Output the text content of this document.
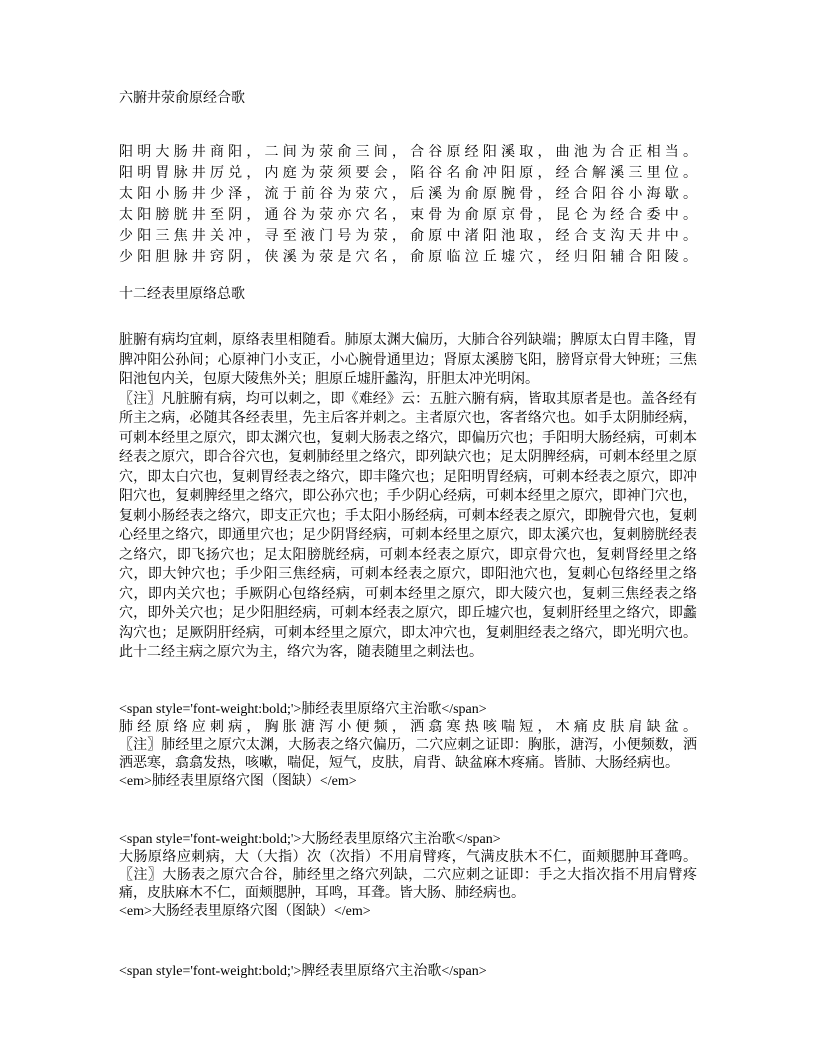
六腑井荥俞原经合歌
阳明大肠井商阳，二间为荥俞三间，合谷原经阳溪取，曲池为合正相当。
阳明胃脉井厉兑，内庭为荥须要会，陷谷名俞冲阳原，经合解溪三里位。
太阳小肠井少泽，流于前谷为荥穴，后溪为俞原腕骨，经合阳谷小海歇。
太阳膀胱井至阴，通谷为荥亦穴名，束骨为俞原京骨，昆仑为经合委中。
少阳三焦井关冲，寻至液门号为荥，俞原中渚阳池取，经合支沟天井中。
少阳胆脉井窍阴，侠溪为荥是穴名，俞原临泣丘墟穴，经归阳辅合阳陵。
十二经表里原络总歌

脏腑有病均宜刺，原络表里相随看。肺原太渊大偏历，大肺合谷列缺端；脾原太白胃丰隆，胃脾冲阳公孙间；心原神门小支正，小心腕骨通里边；肾原太溪膀飞阳，膀肾京骨大钟班；三焦阳池包内关，包原大陵焦外关；胆原丘墟肝蠡沟，肝胆太冲光明闲。

〖注〗凡脏腑有病，均可以刺之，即《难经》云：五脏六腑有病，皆取其原者是也。盖各经有所主之病，必随其各经表里，先主后客并刺之。主者原穴也，客者络穴也。如手太阴肺经病，可刺本经里之原穴，即太渊穴也，复刺大肠表之络穴，即偏历穴也；手阳明大肠经病，可刺本经表之原穴，即合谷穴也，复刺肺经里之络穴，即列缺穴也；足太阴脾经病，可刺本经里之原穴，即太白穴也，复刺胃经表之络穴，即丰隆穴也；足阳明胃经病，可刺本经表之原穴，即冲阳穴也，复刺脾经里之络穴，即公孙穴也；手少阴心经病，可刺本经里之原穴，即神门穴也，复刺小肠经表之络穴，即支正穴也；手太阳小肠经病，可刺本经表之原穴，即腕骨穴也，复刺心经里之络穴，即通里穴也；足少阴肾经病，可刺本经里之原穴，即太溪穴也，复刺膀胱经表之络穴，即飞扬穴也；足太阳膀胱经病，可刺本经表之原穴，即京骨穴也，复刺肾经里之络穴，即大钟穴也；手少阳三焦经病，可刺本经表之原穴，即阳池穴也，复刺心包络经里之络穴，即内关穴也；手厥阴心包络经病，可刺本经里之原穴，即大陵穴也，复刺三焦经表之络穴，即外关穴也；足少阳胆经病，可刺本经表之原穴，即丘墟穴也，复刺肝经里之络穴，即蠡沟穴也；足厥阴肝经病，可刺本经里之原穴，即太冲穴也，复刺胆经表之络穴，即光明穴也。此十二经主病之原穴为主，络穴为客，随表随里之刺法也。

<span style='font-weight:bold;'>肺经表里原络穴主治歌</span>
肺经原络应刺病，胸胀溏泻小便频，洒翕寒热咳喘短，木痛皮肤肩缺盆。

〖注〗肺经里之原穴太渊，大肠表之络穴偏历，二穴应刺之证即：胸胀，溏泻，小便频数，洒洒恶寒，翕翕发热，咳嗽，喘促，短气，皮肤，肩背、缺盆麻木疼痛。皆肺、大肠经病也。

<em>肺经表里原络穴图（图缺）</em>
<span style='font-weight:bold;'>大肠经表里原络穴主治歌</span>
大肠原络应刺病，大（大指）次（次指）不用肩臂疼，气满皮肤木不仁，面颊腮肿耳聋鸣。

〖注〗大肠表之原穴合谷，肺经里之络穴列缺，二穴应刺之证即：手之大指次指不用肩臂疼痛，皮肤麻木不仁，面颊腮肿，耳鸣，耳聋。皆大肠、肺经病也。

<em>大肠经表里原络穴图（图缺）</em>
<span style='font-weight:bold;'>脾经表里原络穴主治歌</span>
